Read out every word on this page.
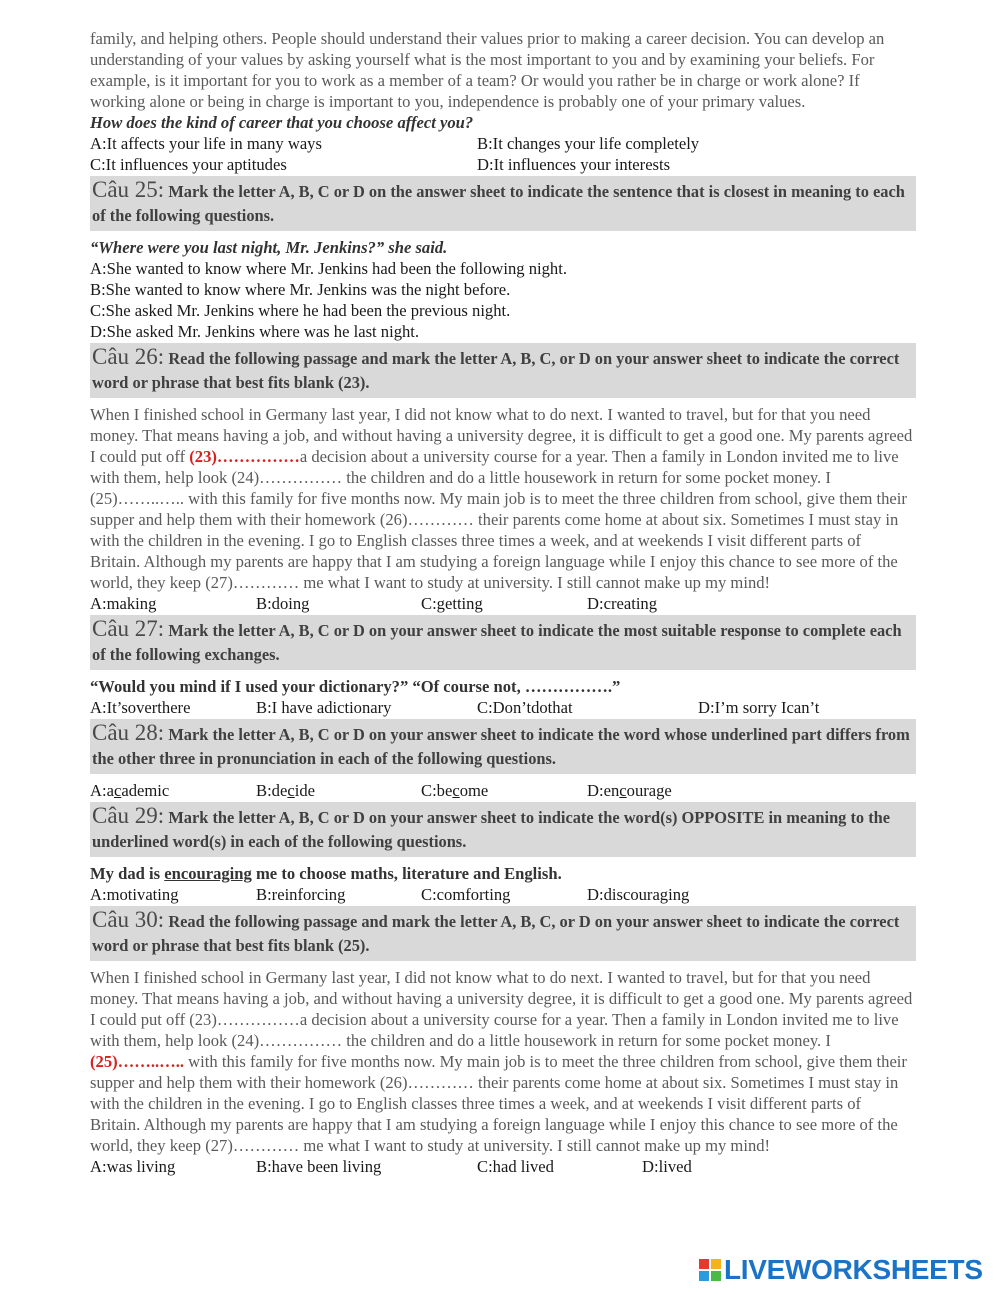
family, and helping others. People should understand their values prior to making a career decision. You can develop an understanding of your values by asking yourself what is the most important to you and by examining your beliefs. For example, is it important for you to work as a member of a team? Or would you rather be in charge or work alone? If working alone or being in charge is important to you, independence is probably one of your primary values.
How does the kind of career that you choose affect you?
A:It affects your life in many ways	B:It changes your life completely
C:It influences your aptitudes	D:It influences your interests
Câu 25: Mark the letter A, B, C or D on the answer sheet to indicate the sentence that is closest in meaning to each of the following questions.
“Where were you last night, Mr. Jenkins?” she said.
A:She wanted to know where Mr. Jenkins had been the following night.
B:She wanted to know where Mr. Jenkins was the night before.
C:She asked Mr. Jenkins where he had been the previous night.
D:She asked Mr. Jenkins where was he last night.
Câu 26: Read the following passage and mark the letter A, B, C, or D on your answer sheet to indicate the correct word or phrase that best fits blank (23).
When I finished school in Germany last year, I did not know what to do next. I wanted to travel, but for that you need money. That means having a job, and without having a university degree, it is difficult to get a good one. My parents agreed I could put off (23)……………a decision about a university course for a year. Then a family in London invited me to live with them, help look (24)…………… the children and do a little housework in return for some pocket money. I (25)……..….. with this family for five months now. My main job is to meet the three children from school, give them their supper and help them with their homework (26)………… their parents come home at about six. Sometimes I must stay in with the children in the evening. I go to English classes three times a week, and at weekends I visit different parts of Britain. Although my parents are happy that I am studying a foreign language while I enjoy this chance to see more of the world, they keep (27)………… me what I want to study at university. I still cannot make up my mind!
A:making	B:doing	C:getting	D:creating
Câu 27: Mark the letter A, B, C or D on your answer sheet to indicate the most suitable response to complete each of the following exchanges.
“Would you mind if I used your dictionary?” “Of course not, …………….”
A:It’soverthere	B:I have adictionary	C:Don’tdothat	D:I’m sorry Ican’t
Câu 28: Mark the letter A, B, C or D on your answer sheet to indicate the word whose underlined part differs from the other three in pronunciation in each of the following questions.
A:academic	B:decide	C:become	D:encourage
Câu 29: Mark the letter A, B, C or D on your answer sheet to indicate the word(s) OPPOSITE in meaning to the underlined word(s) in each of the following questions.
My dad is encouraging me to choose maths, literature and English.
A:motivating	B:reinforcing	C:comforting	D:discouraging
Câu 30: Read the following passage and mark the letter A, B, C, or D on your answer sheet to indicate the correct word or phrase that best fits blank (25).
When I finished school in Germany last year, I did not know what to do next. I wanted to travel, but for that you need money. That means having a job, and without having a university degree, it is difficult to get a good one. My parents agreed I could put off (23)……………a decision about a university course for a year. Then a family in London invited me to live with them, help look (24)…………… the children and do a little housework in return for some pocket money. I (25)……..….. with this family for five months now. My main job is to meet the three children from school, give them their supper and help them with their homework (26)………… their parents come home at about six. Sometimes I must stay in with the children in the evening. I go to English classes three times a week, and at weekends I visit different parts of Britain. Although my parents are happy that I am studying a foreign language while I enjoy this chance to see more of the world, they keep (27)………… me what I want to study at university. I still cannot make up my mind!
A:was living	B:have been living	C:had lived	D:lived
LIVEWORKSHEETS
